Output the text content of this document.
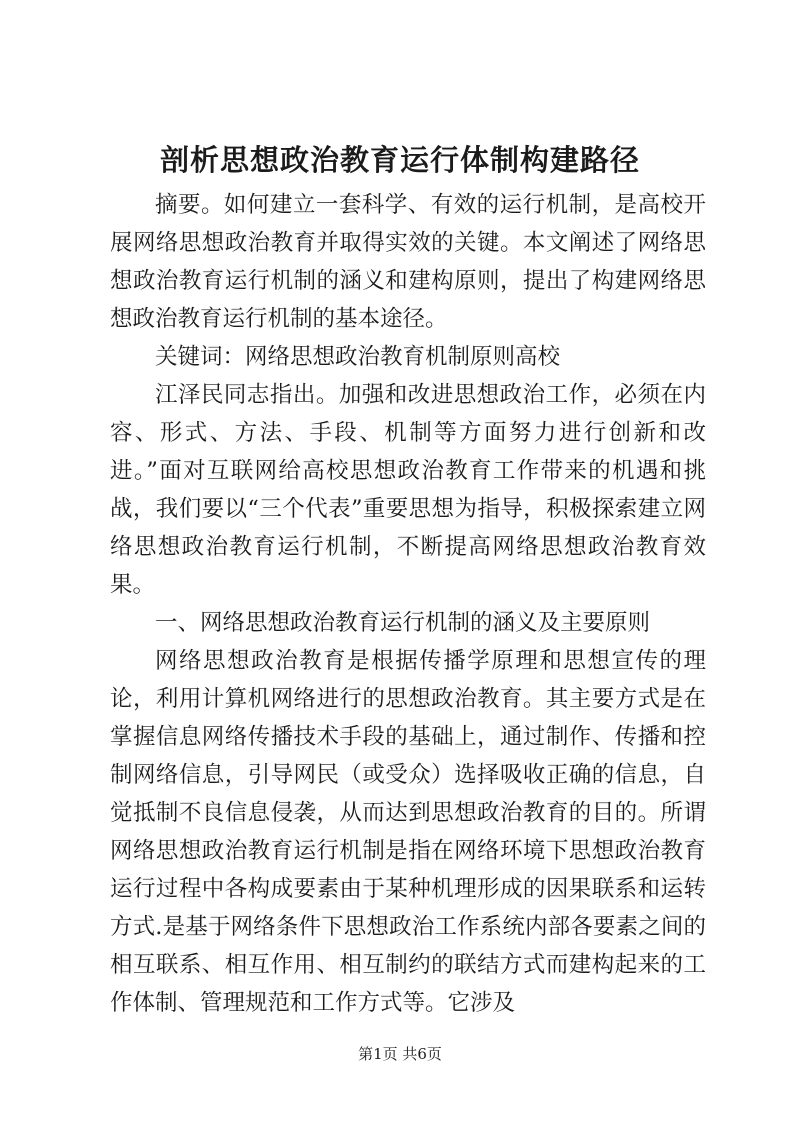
剖析思想政治教育运行体制构建路径

摘要。如何建立一套科学、有效的运行机制，是高校开展网络思想政治教育并取得实效的关键。本文阐述了网络思想政治教育运行机制的涵义和建构原则，提出了构建网络思想政治教育运行机制的基本途径。

关键词：网络思想政治教育机制原则高校

江泽民同志指出。加强和改进思想政治工作，必须在内容、形式、方法、手段、机制等方面努力进行创新和改进。”面对互联网给高校思想政治教育工作带来的机遇和挑战，我们要以“三个代表”重要思想为指导，积极探索建立网络思想政治教育运行机制，不断提高网络思想政治教育效果。

一、网络思想政治教育运行机制的涵义及主要原则

网络思想政治教育是根据传播学原理和思想宣传的理论，利用计算机网络进行的思想政治教育。其主要方式是在掌握信息网络传播技术手段的基础上，通过制作、传播和控制网络信息，引导网民（或受众）选择吸收正确的信息，自觉抵制不良信息侵袭，从而达到思想政治教育的目的。所谓网络思想政治教育运行机制是指在网络环境下思想政治教育运行过程中各构成要素由于某种机理形成的因果联系和运转方式.是基于网络条件下思想政治工作系统内部各要素之间的相互联系、相互作用、相互制约的联结方式而建构起来的工作体制、管理规范和工作方式等。它涉及

第1页 共6页
